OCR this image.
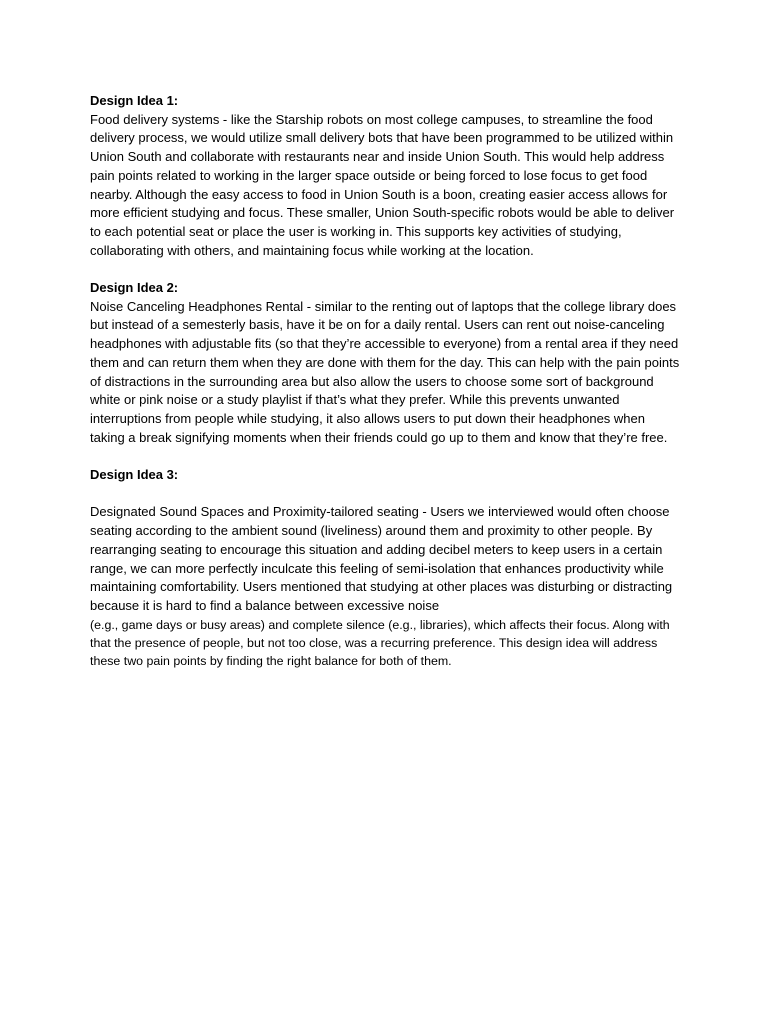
Design Idea 1:
Food delivery systems - like the Starship robots on most college campuses, to streamline the food delivery process, we would utilize small delivery bots that have been programmed to be utilized within Union South and collaborate with restaurants near and inside Union South. This would help address pain points related to working in the larger space outside or being forced to lose focus to get food nearby. Although the easy access to food in Union South is a boon, creating easier access allows for more efficient studying and focus. These smaller, Union South-specific robots would be able to deliver to each potential seat or place the user is working in. This supports key activities of studying, collaborating with others, and maintaining focus while working at the location.
Design Idea 2:
Noise Canceling Headphones Rental - similar to the renting out of laptops that the college library does but instead of a semesterly basis, have it be on for a daily rental. Users can rent out noise-canceling headphones with adjustable fits (so that they’re accessible to everyone) from a rental area if they need them and can return them when they are done with them for the day. This can help with the pain points of distractions in the surrounding area but also allow the users to choose some sort of background white or pink noise or a study playlist if that’s what they prefer. While this prevents unwanted interruptions from people while studying, it also allows users to put down their headphones when taking a break signifying moments when their friends could go up to them and know that they’re free.
Design Idea 3:
Designated Sound Spaces and Proximity-tailored seating - Users we interviewed would often choose seating according to the ambient sound (liveliness) around them and proximity to other people. By rearranging seating to encourage this situation and adding decibel meters to keep users in a certain range, we can more perfectly inculcate this feeling of semi-isolation that enhances productivity while maintaining comfortability. Users mentioned that studying at other places was disturbing or distracting because it is hard to find a balance between excessive noise
(e.g., game days or busy areas) and complete silence (e.g., libraries), which affects their focus. Along with that the presence of people, but not too close, was a recurring preference. This design idea will address these two pain points by finding the right balance for both of them.
